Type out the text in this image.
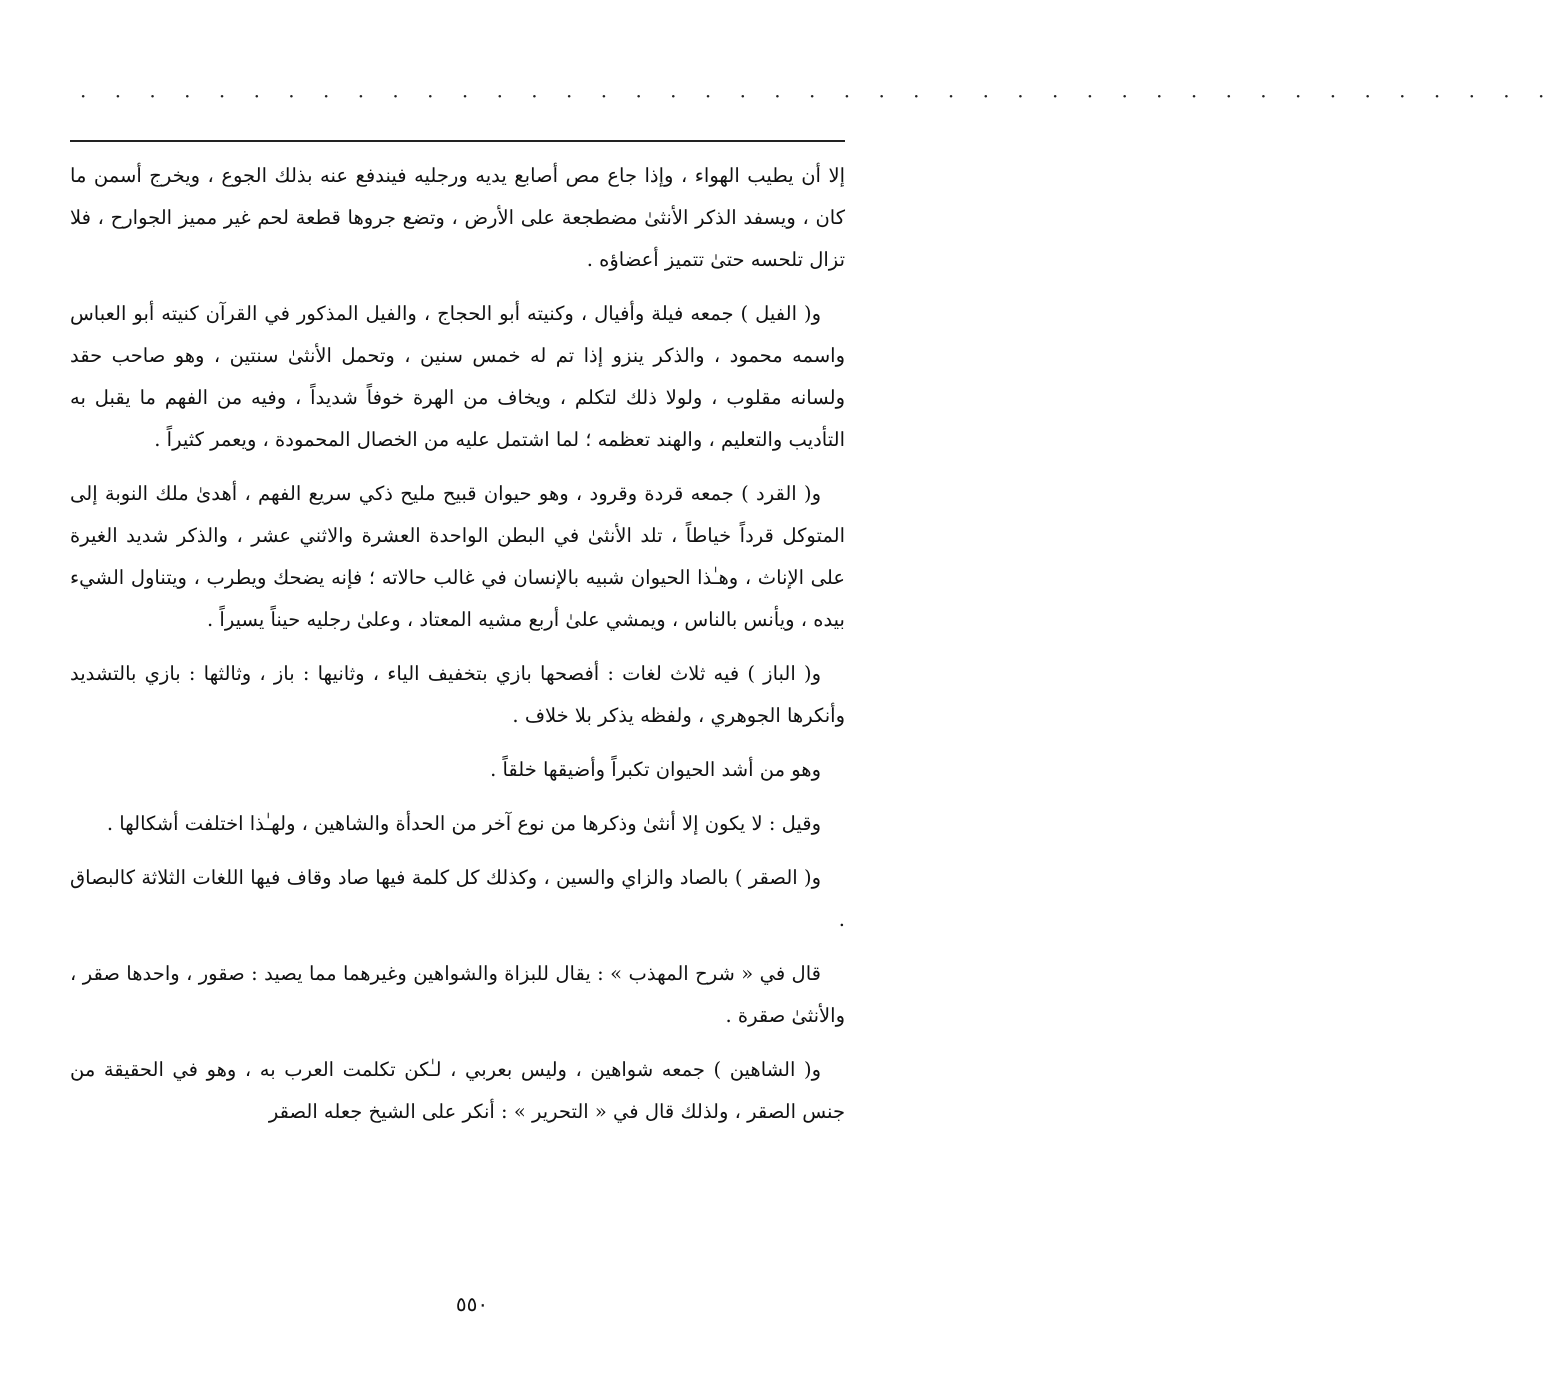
· · · · · · · · · · · · · · · · · · · · · · · · · · · · · · · · · · · · · · · · · · ·

إلا أن يطيب الهواء ، وإذا جاع مص أصابع يديه ورجليه فيندفع عنه بذلك الجوع ، ويخرج أسمن ما كان ، ويسفد الذكر الأنثىٰ مضطجعة على الأرض ، وتضع جروها قطعة لحم غير مميز الجوارح ، فلا تزال تلحسه حتىٰ تتميز أعضاؤه .

و( الفيل ) جمعه فيلة وأفيال ، وكنيته أبو الحجاج ، والفيل المذكور في القرآن كنيته أبو العباس واسمه محمود ، والذكر ينزو إذا تم له خمس سنين ، وتحمل الأنثىٰ سنتين ، وهو صاحب حقد ولسانه مقلوب ، ولولا ذلك لتكلم ، ويخاف من الهرة خوفاً شديداً ، وفيه من الفهم ما يقبل به التأديب والتعليم ، والهند تعظمه ؛ لما اشتمل عليه من الخصال المحمودة ، ويعمر كثيراً .

و( القرد ) جمعه قردة وقرود ، وهو حيوان قبيح مليح ذكي سريع الفهم ، أهدىٰ ملك النوبة إلى المتوكل قرداً خياطاً ، تلد الأنثىٰ في البطن الواحدة العشرة والاثني عشر ، والذكر شديد الغيرة على الإناث ، وهـٰذا الحيوان شبيه بالإنسان في غالب حالاته ؛ فإنه يضحك ويطرب ، ويتناول الشيء بيده ، ويأنس بالناس ، ويمشي علىٰ أربع مشيه المعتاد ، وعلىٰ رجليه حيناً يسيراً .

و( الباز ) فيه ثلاث لغات : أفصحها بازي بتخفيف الياء ، وثانيها : باز ، وثالثها : بازي بالتشديد وأنكرها الجوهري ، ولفظه يذكر بلا خلاف .

وهو من أشد الحيوان تكبراً وأضيقها خلقاً .

وقيل : لا يكون إلا أنثىٰ وذكرها من نوع آخر من الحدأة والشاهين ، ولهـٰذا اختلفت أشكالها .

و( الصقر ) بالصاد والزاي والسين ، وكذلك كل كلمة فيها صاد وقاف فيها اللغات الثلاثة كالبصاق .

قال في « شرح المهذب » : يقال للبزاة والشواهين وغيرهما مما يصيد : صقور ، واحدها صقر ، والأنثىٰ صقرة .

و( الشاهين ) جمعه شواهين ، وليس بعربي ، لـٰكن تكلمت العرب به ، وهو في الحقيقة من جنس الصقر ، ولذلك قال في « التحرير » : أنكر على الشيخ جعله الصقر

٥٥٠
